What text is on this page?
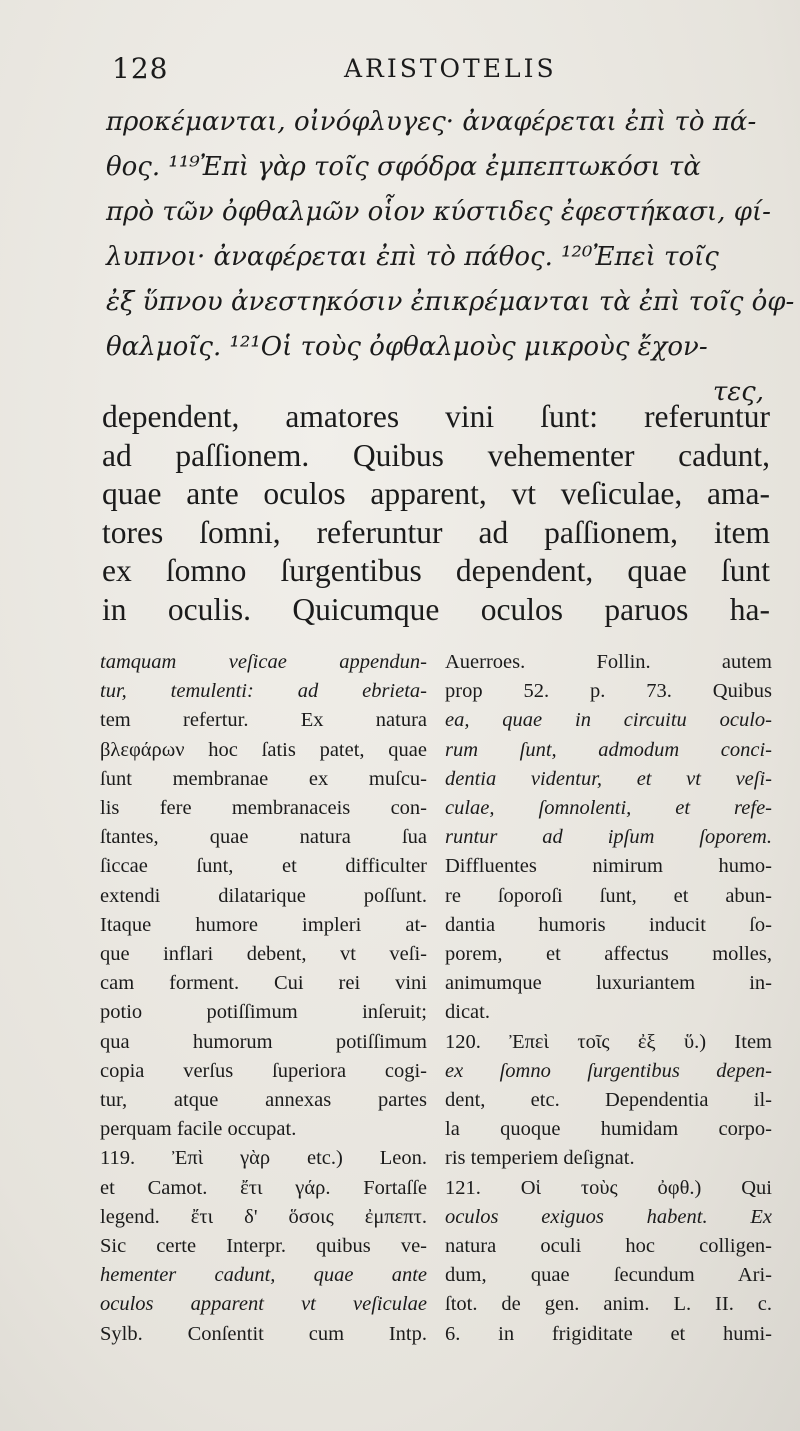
128	ARISTOTELIS
προκέμανται, οἰνόφλυγες· ἀναφέρεται ἐπὶ τὸ πά-
θος. ¹¹⁹Ἐπὶ γὰρ τοῖς σφόδρα ἐμπεπτωκόσι τὰ
πρὸ τῶν ὀφθαλμῶν οἷον κύστιδες ἐφεστήκασι, φί-
λυπνοι· ἀναφέρεται ἐπὶ τὸ πάθος. ¹²⁰Ἐπεὶ τοῖς
ἐξ ὕπνου ἀνεστηκόσιν ἐπικρέμανται τὰ ἐπὶ τοῖς ὀφ-
θαλμοῖς. ¹²¹Οἱ τοὺς ὀφθαλμοὺς μικροὺς ἔχον-
τες,
dependent, amatores vini ſunt: referuntur
ad paſſionem. Quibus vehementer cadunt,
quae ante oculos apparent, vt veſiculae, ama-
tores ſomni, referuntur ad paſſionem, item
ex ſomno ſurgentibus dependent, quae ſunt
in oculis. Quicumque oculos paruos ha-
tamquam veſicae appendun-
tur, temulenti: ad ebrieta-
tem refertur. Ex natura
βλεφάρων hoc ſatis patet, quae
ſunt membranae ex muſcu-
lis fere membranaceis con-
ſtantes, quae natura ſua
ſiccae ſunt, et difficulter
extendi dilatarique poſſunt.
Itaque humore impleri at-
que inflari debent, vt veſi-
cam forment. Cui rei vini
potio potiſſimum inſeruit;
qua humorum potiſſimum
copia verſus ſuperiora cogi-
tur, atque annexas partes
perquam facile occupat.
119. Ἐπὶ γὰρ etc.) Leon.
et Camot. ἔτι γάρ. Fortaſſe
legend. ἔτι δ' ὅσοις ἐμπεπτ.
Sic certe Interpr. quibus ve-
hementer cadunt, quae ante
oculos apparent vt veſiculae
Sylb. Conſentit cum Intp.
Auerroes. Follin. autem
prop 52. p. 73. Quibus
ea, quae in circuitu oculo-
rum ſunt, admodum conci-
dentia videntur, et vt veſi-
culae, ſomnolenti, et refe-
runtur ad ipſum ſoporem.
Diffluentes nimirum humo-
re ſoporoſi ſunt, et abun-
dantia humoris inducit ſo-
porem, et affectus molles,
animumque luxuriantem in-
dicat.
120. Ἐπεὶ τοῖς ἐξ ὕ.) Item
ex ſomno ſurgentibus depen-
dent, etc. Dependentia il-
la quoque humidam corpo-
ris temperiem deſignat.
121. Οἱ τοὺς ὀφθ.) Qui
oculos exiguos habent. Ex
natura oculi hoc colligen-
dum, quae ſecundum Ari-
ſtot. de gen. anim. L. II. c.
6. in frigiditate et humi-
